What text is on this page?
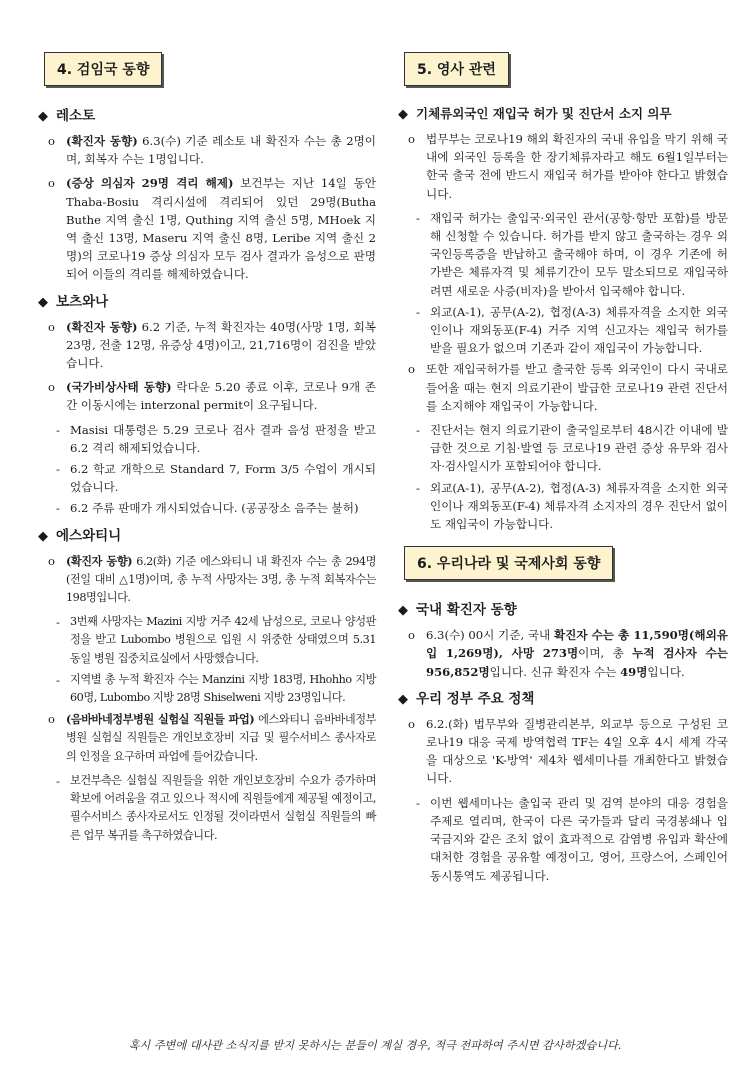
4. 검임국 동향
◆ 레소토
o (확진자 동향) 6.3(수) 기준 레소토 내 확진자 수는 총 2명이며, 회복자 수는 1명입니다.
o (증상 의심자 29명 격리 해제) 보건부는 지난 14일 동안 Thaba-Bosiu 격리시설에 격리되어 있던 29명(Butha Buthe 지역 출신 1명, Quthing 지역 출신 5명, MHoek 지역 출신 13명, Maseru 지역 출신 8명, Leribe 지역 출신 2명)의 코로나19 증상 의심자 모두 검사 결과가 음성으로 판명되어 이들의 격리를 해제하였습니다.
◆ 보츠와나
o (확진자 동향) 6.2 기준, 누적 확진자는 40명(사망 1명, 회복 23명, 전출 12명, 유증상 4명)이고, 21,716명이 검진을 받았습니다.
o (국가비상사태 동향) 락다운 5.20 종료 이후, 코로나 9개 존간 이동시에는 interzonal permit이 요구됩니다.
- Masisi 대통령은 5.29 코로나 검사 결과 음성 판정을 받고 6.2 격리 해제되었습니다.
- 6.2 학교 개학으로 Standard 7, Form 3/5 수업이 개시되었습니다.
- 6.2 주류 판매가 개시되었습니다. (공공장소 음주는 불허)
◆ 에스와티니
o (확진자 동향) 6.2(화) 기준 에스와티니 내 확진자 수는 총 294명(전일 대비 △1명)이며, 총 누적 사망자는 3명, 총 누적 회복자수는 198명입니다.
- 3번째 사망자는 Mazini 지방 거주 42세 남성으로, 코로나 양성판정을 받고 Lubombo 병원으로 입원 시 위중한 상태였으며 5.31 동일 병원 집중치료실에서 사망했습니다.
- 지역별 총 누적 확진자 수는 Manzini 지방 183명, Hhohho 지방 60명, Lubombo 지방 28명 Shiselweni 지방 23명입니다.
o (음바바네정부병원 실험실 직원들 파업) 에스와티니 음바바네정부병원 실험실 직원들은 개인보호장비 지급 및 필수서비스 종사자로의 인정을 요구하며 파업에 들어갔습니다.
- 보건부측은 실험실 직원들을 위한 개인보호장비 수요가 증가하며 확보에 어려움을 겪고 있으나 적시에 직원들에게 제공될 예정이고, 필수서비스 종사자로서도 인정될 것이라면서 실험실 직원들의 빠른 업무 복귀를 촉구하였습니다.
5. 영사 관련
◆ 기체류외국인 재입국 허가 및 진단서 소지 의무
o 법무부는 코로나19 해외 확진자의 국내 유입을 막기 위해 국내에 외국인 등록을 한 장기체류자라고 해도 6월1일부터는 한국 출국 전에 반드시 재입국 허가를 받아야 한다고 밝혔습니다.
- 재입국 허가는 출입국·외국인 관서(공항·항만 포함)를 방문해 신청할 수 있습니다. 허가를 받지 않고 출국하는 경우 외국인등록증을 반납하고 출국해야 하며, 이 경우 기존에 허가받은 체류자격 및 체류기간이 모두 말소되므로 재입국하려면 새로운 사증(비자)을 받아서 입국해야 합니다.
- 외교(A-1), 공무(A-2), 협정(A-3) 체류자격을 소지한 외국인이나 재외동포(F-4) 거주 지역 신고자는 재입국 허가를 받을 필요가 없으며 기존과 같이 재입국이 가능합니다.
o 또한 재입국허가를 받고 출국한 등록 외국인이 다시 국내로 들어올 때는 현지 의료기관이 발급한 코로나19 관련 진단서를 소지해야 재입국이 가능합니다.
- 진단서는 현지 의료기관이 출국일로부터 48시간 이내에 발급한 것으로 기침·발열 등 코로나19 관련 증상 유무와 검사자·검사일시가 포함되어야 합니다.
- 외교(A-1), 공무(A-2), 협정(A-3) 체류자격을 소지한 외국인이나 재외동포(F-4) 체류자격 소지자의 경우 진단서 없이도 재입국이 가능합니다.
6. 우리나라 및 국제사회 동향
◆ 국내 확진자 동향
o 6.3(수) 00시 기준, 국내 확진자 수는 총 11,590명(해외유입 1,269명), 사망 273명이며, 총 누적 검사자 수는 956,852명입니다. 신규 확진자 수는 49명입니다.
◆ 우리 정부 주요 정책
o 6.2.(화) 법무부와 질병관리본부, 외교부 등으로 구성된 코로나19 대응 국제 방역협력 TF는 4일 오후 4시 세계 각국을 대상으로 'K-방역' 제4차 웹세미나를 개최한다고 밝혔습니다.
- 이번 웹세미나는 출입국 관리 및 검역 분야의 대응 경험을 주제로 열리며, 한국이 다른 국가들과 달리 국경봉쇄나 입국금지와 같은 조치 없이 효과적으로 감염병 유입과 확산에 대처한 경험을 공유할 예정이고, 영어, 프랑스어, 스페인어 동시통역도 제공됩니다.
혹시 주변에 대사관 소식지를 받지 못하시는 분들이 계실 경우, 적극 전파하여 주시면 감사하겠습니다.
